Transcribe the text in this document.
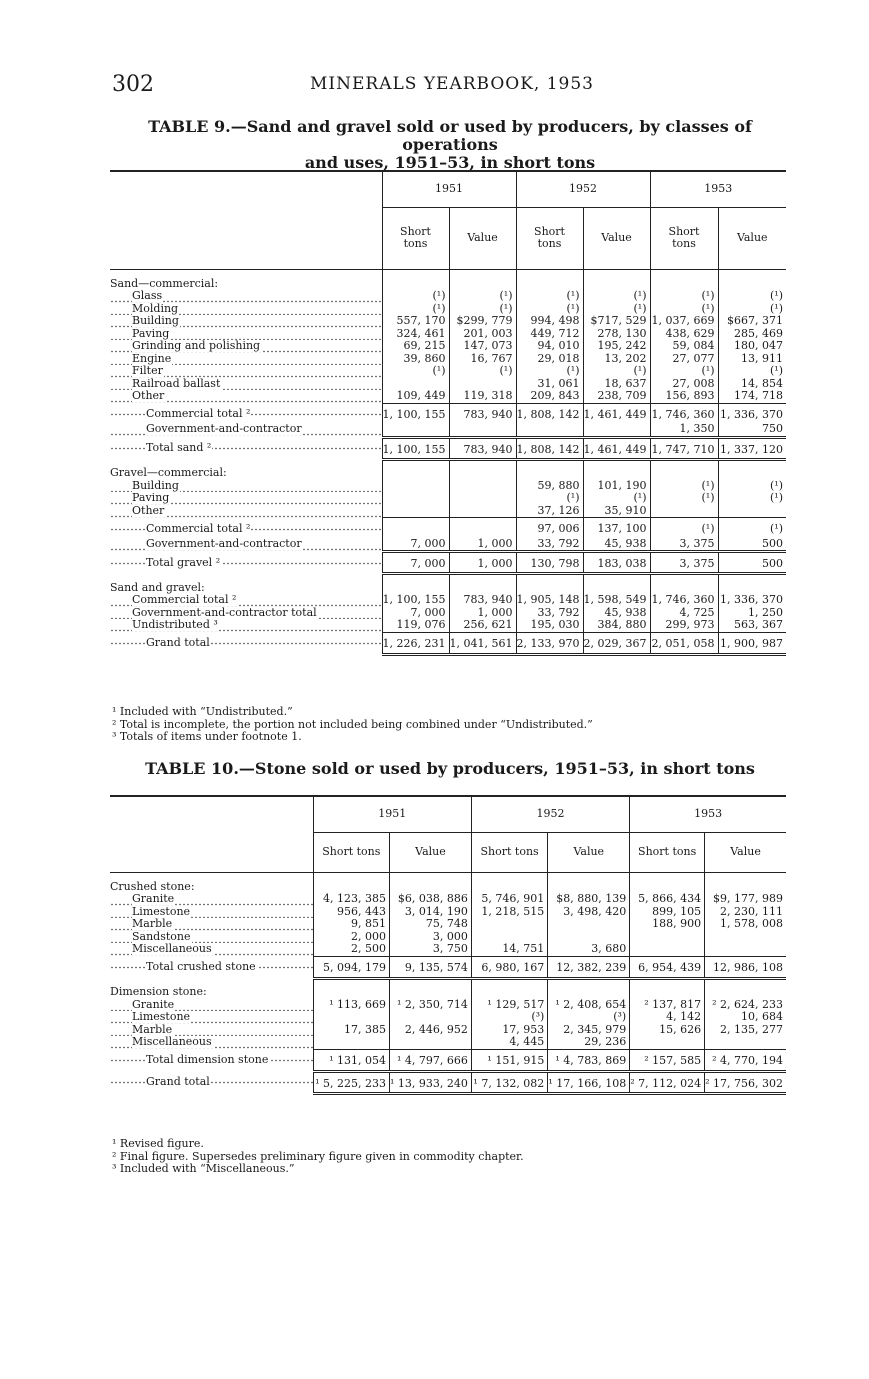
302	MINERALS YEARBOOK, 1953
TABLE 9.—Sand and gravel sold or used by producers, by classes of operations
and uses, 1951–53, in short tons
	1951		1952		1953	
	Short tons	Value	Short tons	Value	Short tons	Value
Sand—commercial:						
Glass	(¹)	(¹)	(¹)	(¹)	(¹)	(¹)
Molding	(¹)	(¹)	(¹)	(¹)	(¹)	(¹)
Building	557, 170	$299, 779	994, 498	$717, 529	1, 037, 669	$667, 371
Paving	324, 461	201, 003	449, 712	278, 130	438, 629	285, 469
Grinding and polishing	69, 215	147, 073	94, 010	195, 242	59, 084	180, 047
Engine	39, 860	16, 767	29, 018	13, 202	27, 077	13, 911
Filter	(¹)	(¹)	(¹)	(¹)	(¹)	(¹)
Railroad ballast			31, 061	18, 637	27, 008	14, 854
Other	109, 449	119, 318	209, 843	238, 709	156, 893	174, 718
Commercial total ²	1, 100, 155	783, 940	1, 808, 142	1, 461, 449	1, 746, 360	1, 336, 370
Government-and-contractor					1, 350	750
Total sand ²	1, 100, 155	783, 940	1, 808, 142	1, 461, 449	1, 747, 710	1, 337, 120
Gravel—commercial:						
Building			59, 880	101, 190	(¹)	(¹)
Paving			(¹)	(¹)	(¹)	(¹)
Other			37, 126	35, 910		
Commercial total ²			97, 006	137, 100	(¹)	(¹)
Government-and-contractor	7, 000	1, 000	33, 792	45, 938	3, 375	500
Total gravel ²	7, 000	1, 000	130, 798	183, 038	3, 375	500
Sand and gravel:						
Commercial total ²	1, 100, 155	783, 940	1, 905, 148	1, 598, 549	1, 746, 360	1, 336, 370
Government-and-contractor total	7, 000	1, 000	33, 792	45, 938	4, 725	1, 250
Undistributed ³	119, 076	256, 621	195, 030	384, 880	299, 973	563, 367
Grand total	1, 226, 231	1, 041, 561	2, 133, 970	2, 029, 367	2, 051, 058	1, 900, 987
¹ Included with “Undistributed.”
² Total is incomplete, the portion not included being combined under “Undistributed.”
³ Totals of items under footnote 1.
TABLE 10.—Stone sold or used by producers, 1951–53, in short tons
	1951		1952		1953	
	Short tons	Value	Short tons	Value	Short tons	Value
Crushed stone:						
Granite	4, 123, 385	$6, 038, 886	5, 746, 901	$8, 880, 139	5, 866, 434	$9, 177, 989
Limestone	956, 443	3, 014, 190	1, 218, 515	3, 498, 420	899, 105	2, 230, 111
Marble	9, 851	75, 748			188, 900	1, 578, 008
Sandstone	2, 000	3, 000				
Miscellaneous	2, 500	3, 750	14, 751	3, 680		
Total crushed stone	5, 094, 179	9, 135, 574	6, 980, 167	12, 382, 239	6, 954, 439	12, 986, 108
Dimension stone:						
Granite	¹ 113, 669	¹ 2, 350, 714	¹ 129, 517	¹ 2, 408, 654	² 137, 817	² 2, 624, 233
Limestone			(³)	(³)	4, 142	10, 684
Marble	17, 385	2, 446, 952	17, 953	2, 345, 979	15, 626	2, 135, 277
Miscellaneous			4, 445	29, 236		
Total dimension stone	¹ 131, 054	¹ 4, 797, 666	¹ 151, 915	¹ 4, 783, 869	² 157, 585	² 4, 770, 194
Grand total	¹ 5, 225, 233	¹ 13, 933, 240	¹ 7, 132, 082	¹ 17, 166, 108	² 7, 112, 024	² 17, 756, 302
¹ Revised figure.
² Final figure. Supersedes preliminary figure given in commodity chapter.
³ Included with “Miscellaneous.”
